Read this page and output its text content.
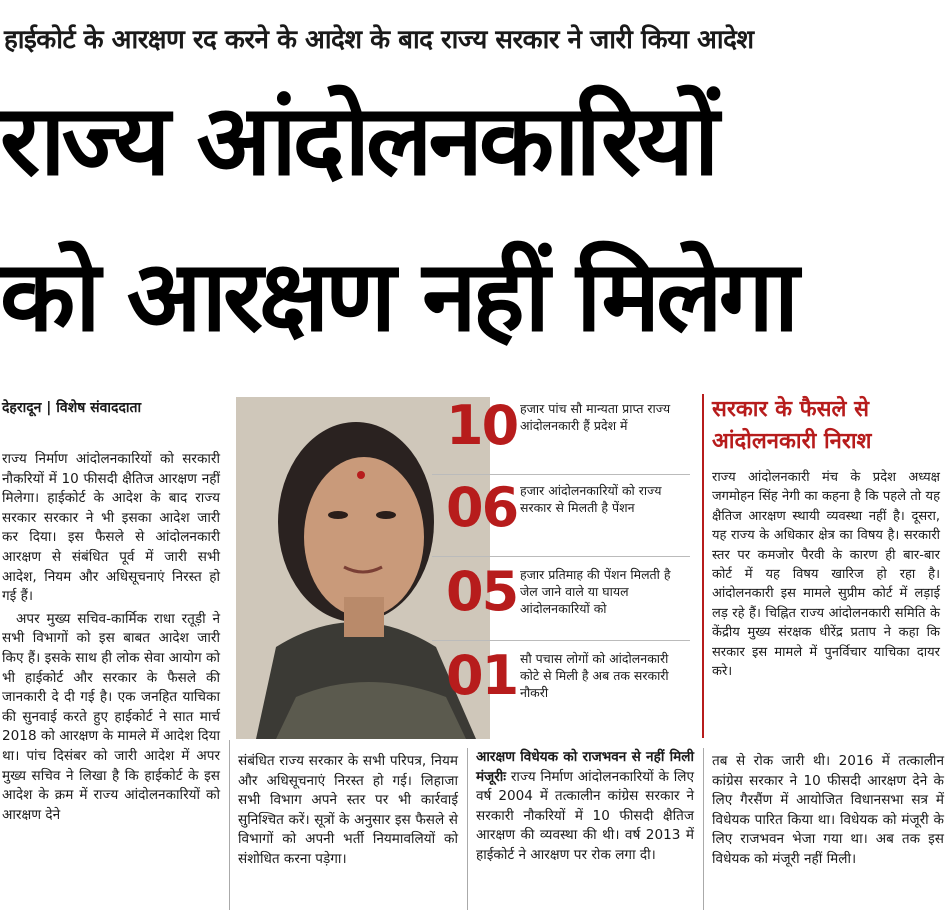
हाईकोर्ट के आरक्षण रद करने के आदेश के बाद राज्य सरकार ने जारी किया आदेश
राज्य आंदोलनकारियों
को आरक्षण नहीं मिलेगा
देहरादून | विशेष संवाददाता

राज्य निर्माण आंदोलनकारियों को सरकारी नौकरियों में 10 फीसदी क्षैतिज आरक्षण नहीं मिलेगा। हाईकोर्ट के आदेश के बाद राज्य सरकार सरकार ने भी इसका आदेश जारी कर दिया। इस फैसले से आंदोलनकारी आरक्षण से संबंधित पूर्व में जारी सभी आदेश, नियम और अधिसूचनाएं निरस्त हो गई हैं।

अपर मुख्य सचिव-कार्मिक राधा रतूड़ी ने सभी विभागों को इस बाबत आदेश जारी किए हैं। इसके साथ ही लोक सेवा आयोग को भी हाईकोर्ट और सरकार के फैसले की जानकारी दे दी गई है। एक जनहित याचिका की सुनवाई करते हुए हाईकोर्ट ने सात मार्च 2018 को आरक्षण के मामले में आदेश दिया था। पांच दिसंबर को जारी आदेश में अपर मुख्य सचिव ने लिखा है कि हाईकोर्ट के इस आदेश के क्रम में राज्य आंदोलनकारियों को आरक्षण देने

10 हजार पांच सौ मान्यता प्राप्त राज्य आंदोलनकारी हैं प्रदेश में
06 हजार आंदोलनकारियों को राज्य सरकार से मिलती है पेंशन
05 हजार प्रतिमाह की पेंशन मिलती है जेल जाने वाले या घायल आंदोलनकारियों को
01 सौ पचास लोगों को आंदोलनकारी कोटे से मिली है अब तक सरकारी नौकरी
सरकार के फैसले से आंदोलनकारी निराश
राज्य आंदोलनकारी मंच के प्रदेश अध्यक्ष जगमोहन सिंह नेगी का कहना है कि पहले तो यह क्षैतिज आरक्षण स्थायी व्यवस्था नहीं है। दूसरा, यह राज्य के अधिकार क्षेत्र का विषय है। सरकारी स्तर पर कमजोर पैरवी के कारण ही बार-बार कोर्ट में यह विषय खारिज हो रहा है। आंदोलनकारी इस मामले सुप्रीम कोर्ट में लड़ाई लड़ रहे हैं। चिह्नित राज्य आंदोलनकारी समिति के केंद्रीय मुख्य संरक्षक धीरेंद्र प्रताप ने कहा कि सरकार इस मामले में पुनर्विचार याचिका दायर करे।
संबंधित राज्य सरकार के सभी परिपत्र, नियम और अधिसूचनाएं निरस्त हो गई। लिहाजा सभी विभाग अपने स्तर पर भी कार्रवाई सुनिश्चित करें। सूत्रों के अनुसार इस फैसले से विभागों को अपनी भर्ती नियमावलियों को संशोधित करना पड़ेगा।
आरक्षण विधेयक को राजभवन से नहीं मिली मंजूरीः राज्य निर्माण आंदोलनकारियों के लिए वर्ष 2004 में तत्कालीन कांग्रेस सरकार ने सरकारी नौकरियों में 10 फीसदी क्षैतिज आरक्षण की व्यवस्था की थी। वर्ष 2013 में हाईकोर्ट ने आरक्षण पर रोक लगा दी।
तब से रोक जारी थी। 2016 में तत्कालीन कांग्रेस सरकार ने 10 फीसदी आरक्षण देने के लिए गैरसैंण में आयोजित विधानसभा सत्र में विधेयक पारित किया था। विधेयक को मंजूरी के लिए राजभवन भेजा गया था। अब तक इस विधेयक को मंजूरी नहीं मिली।
